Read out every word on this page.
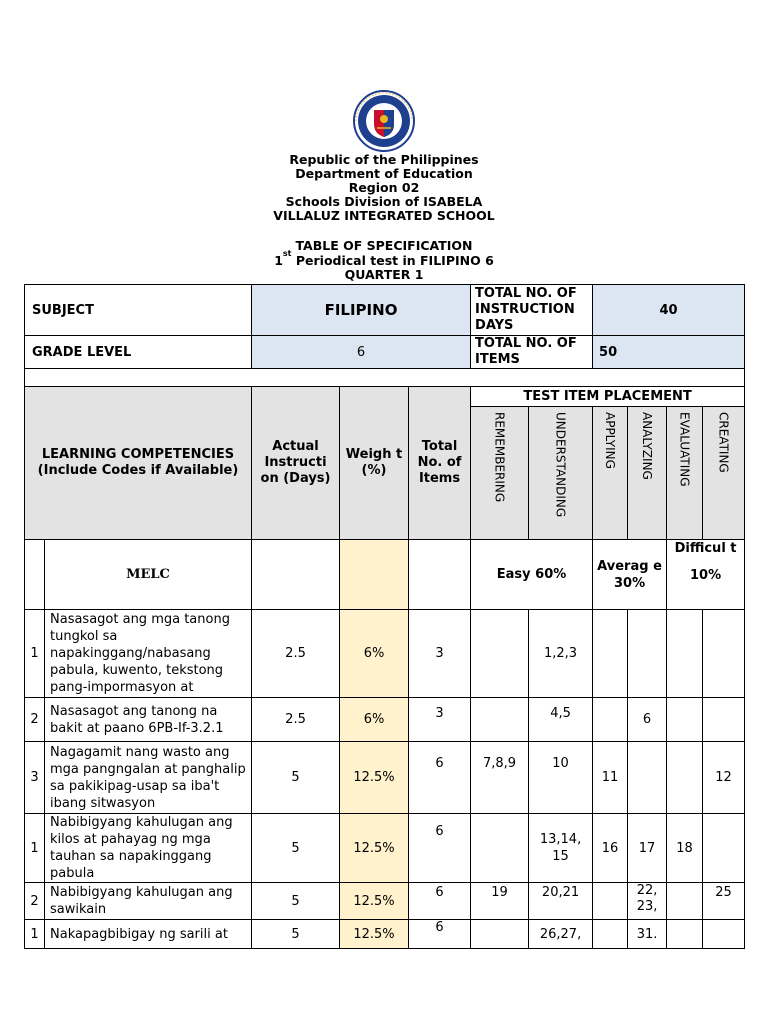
Republic of the Philippines
Department of Education
Region 02
Schools Division of ISABELA
VILLALUZ INTEGRATED SCHOOL
TABLE OF SPECIFICATION
1st Periodical test in FILIPINO 6
QUARTER 1
SUBJECT		FILIPINO			TOTAL NO. OF INSTRUCTION DAYS		40			
GRADE LEVEL		6			TOTAL NO. OF ITEMS		50			

LEARNING COMPETENCIES (Include Codes if Available)		Actual Instructi on (Days)	Weigh t (%)	Total No. of Items	TEST ITEM PLACEMENT					
					REMEMBERING	UNDERSTANDING	APPLYING	ANALYZING	EVALUATING	CREATING
	MELC				Easy 60%		Averag e 30%		Difficul t
10%	

1	Nasasagot ang mga tanong tungkol sa napakinggang/nabasang pabula, kuwento, tekstong pang-impormasyon at	2.5	6%	3		1,2,3				
2	Nasasagot ang tanong na bakit at paano 6PB-If-3.2.1	2.5	6%	3		4,5		6		
3	Nagagamit nang wasto ang mga pangngalan at panghalip sa pakikipag-usap sa iba't ibang sitwasyon	5	12.5%	6	7,8,9	10	11			12
1	Nabibigyang kahulugan ang kilos at pahayag ng mga tauhan sa napakinggang pabula	5	12.5%	6		13,14, 15	16	17	18	
2	Nabibigyang kahulugan ang sawikain	5	12.5%	6	19	20,21		22, 23,		25
1	Nakapagbibigay ng sarili at	5	12.5%	6		26,27,		31.		
